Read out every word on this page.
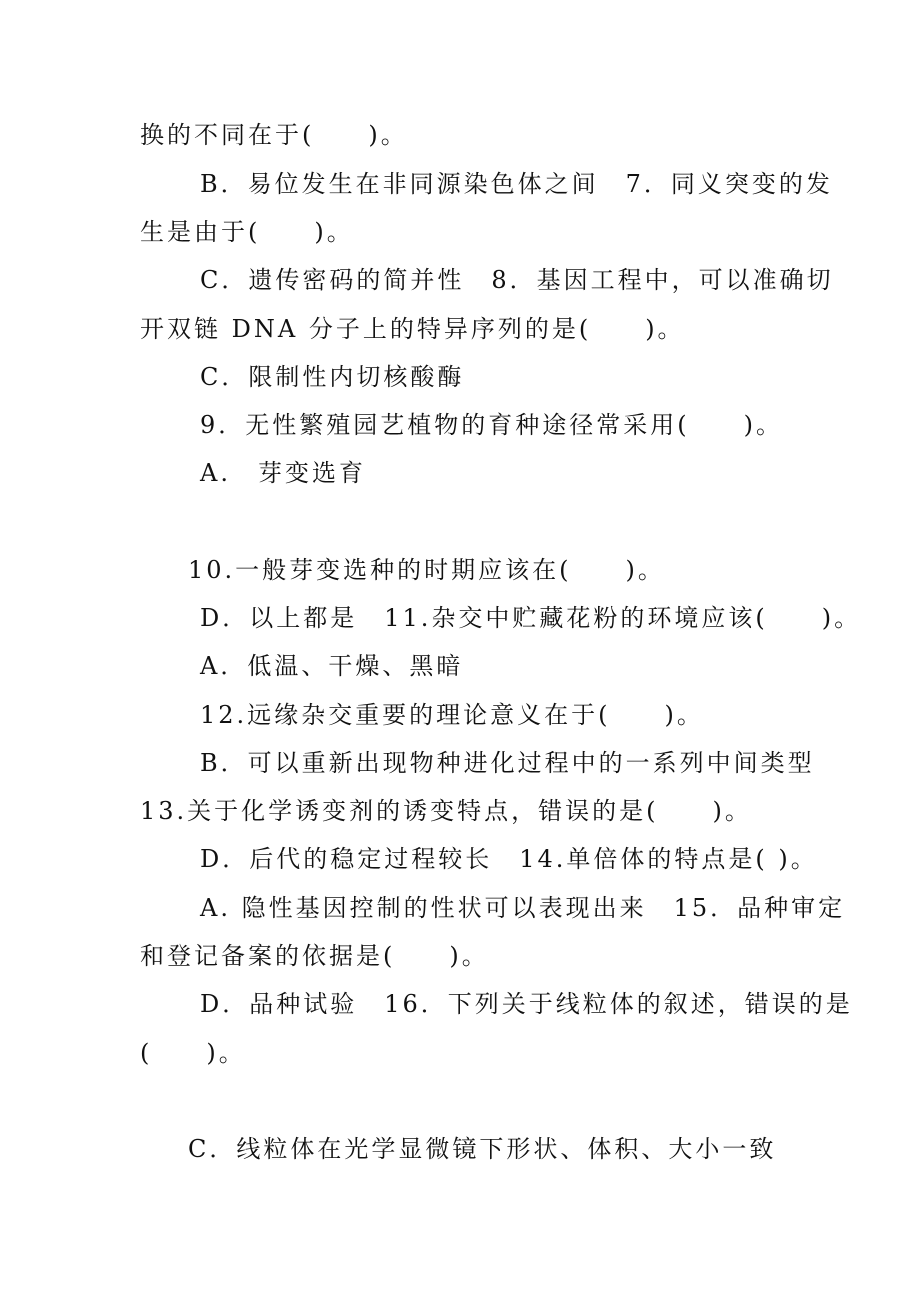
换的不同在于(　　)。
B．易位发生在非同源染色体之间　7．同义突变的发
生是由于(　　)。
C．遗传密码的简并性　8．基因工程中，可以准确切
开双链 DNA 分子上的特异序列的是(　　)。
C．限制性内切核酸酶
9．无性繁殖园艺植物的育种途径常采用(　　)。
A.　芽变选育
10.一般芽变选种的时期应该在(　　)。
D．以上都是　11.杂交中贮藏花粉的环境应该(　　)。
A．低温、干燥、黑暗
12.远缘杂交重要的理论意义在于(　　)。
B．可以重新出现物种进化过程中的一系列中间类型
13.关于化学诱变剂的诱变特点，错误的是(　　)。
D．后代的稳定过程较长　14.单倍体的特点是( )。
A. 隐性基因控制的性状可以表现出来　15．品种审定
和登记备案的依据是(　　)。
D．品种试验　16．下列关于线粒体的叙述，错误的是
(　　)。
C．线粒体在光学显微镜下形状、体积、大小一致
